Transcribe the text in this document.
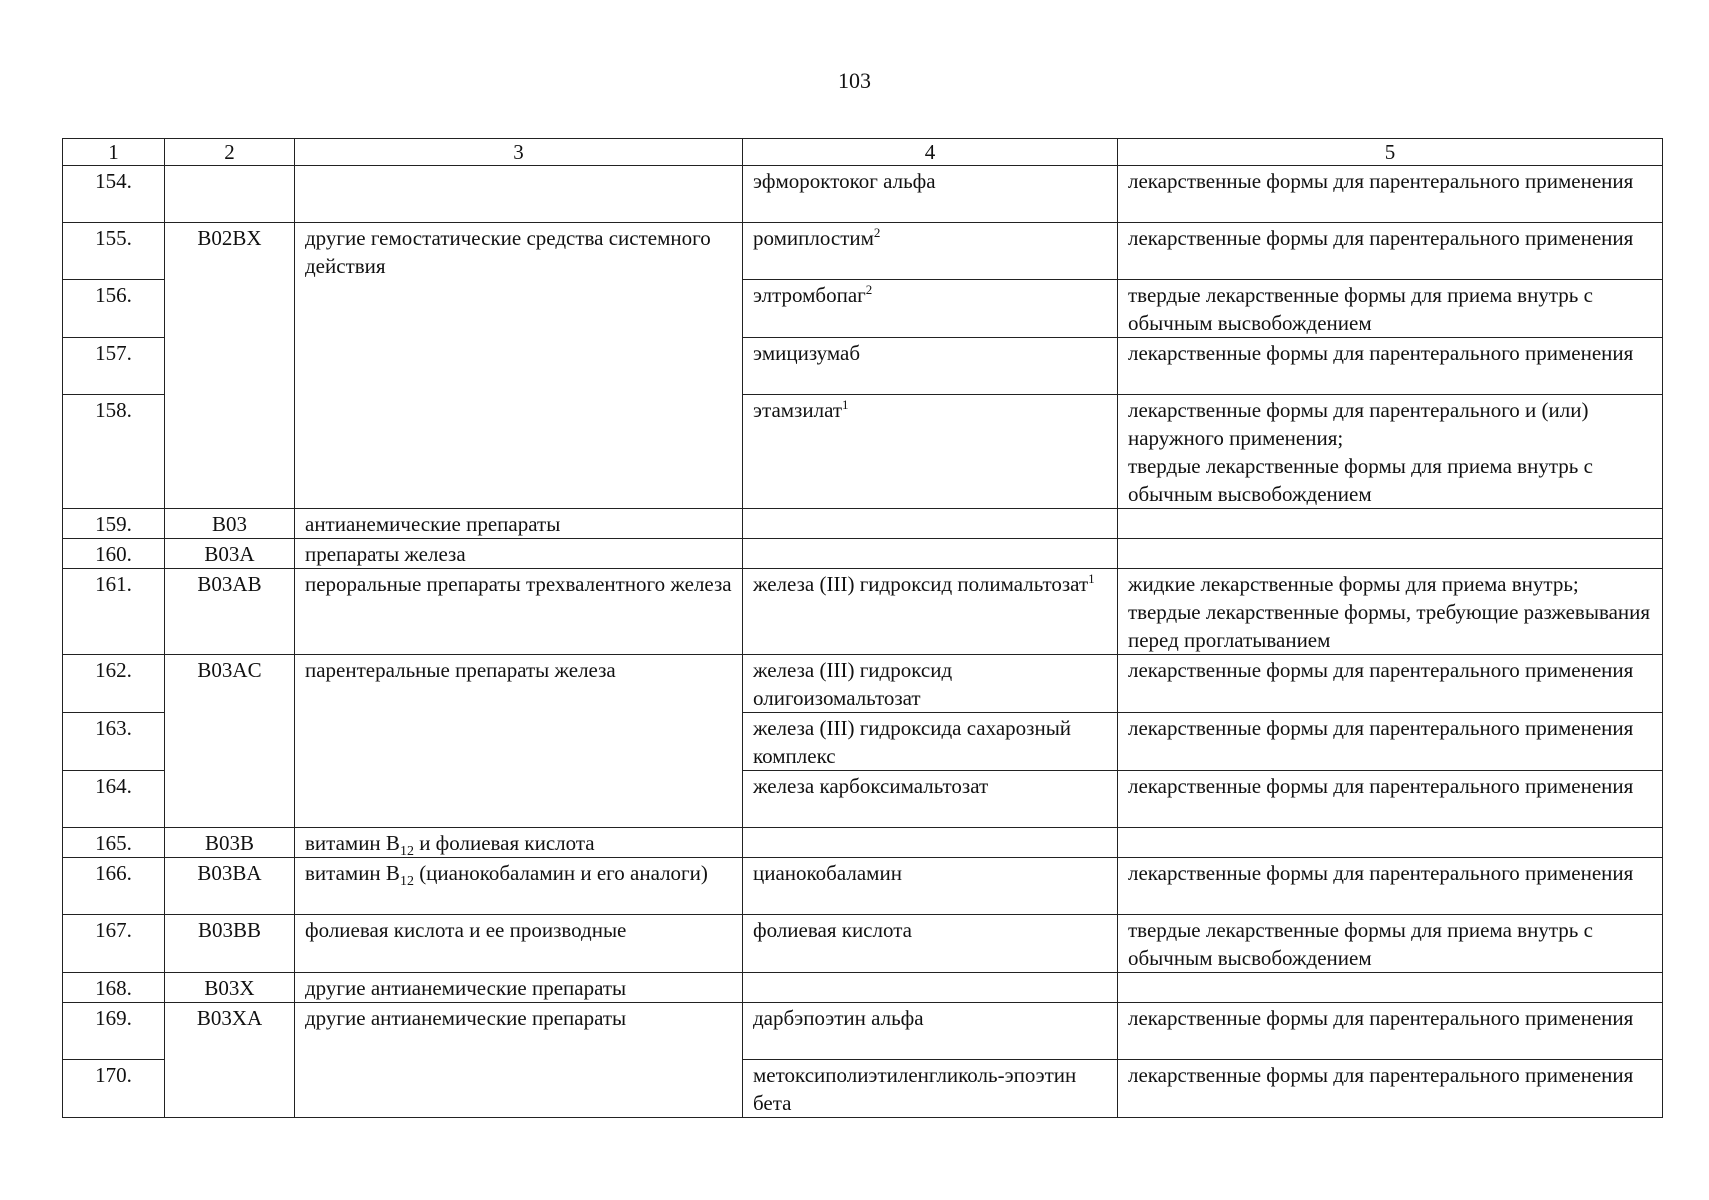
103
1	2	3	4	5
154.			эфмороктоког альфа	лекарственные формы для парентерального применения
155.	B02BX	другие гемостатические средства системного действия	ромиплостим$^2$	лекарственные формы для парентерального применения
156.			элтромбопаг$^2$	твердые лекарственные формы для приема внутрь с обычным высвобождением
157.			эмицизумаб	лекарственные формы для парентерального применения
158.			этамзилат$^1$	лекарственные формы для парентерального и (или) наружного применения;
твердые лекарственные формы для приема внутрь с обычным высвобождением

159.	B03	антианемические препараты		
160.	B03A	препараты железа		
161.	B03AB	пероральные препараты трехвалентного железа	железа (III) гидроксид полимальтозат$^1$	жидкие лекарственные формы для приема внутрь;
твердые лекарственные формы, требующие разжевывания перед проглатыванием

162.	B03AC	парентеральные препараты железа	железа (III) гидроксид олигоизомальтозат	лекарственные формы для парентерального применения
163.			железа (III) гидроксида сахарозный комплекс	лекарственные формы для парентерального применения
164.			железа карбоксимальтозат	лекарственные формы для парентерального применения
165.	B03B	витамин $B_{12}$ и фолиевая кислота		
166.	B03BA	витамин $B_{12}$ (цианокобаламин и его аналоги)	цианокобаламин	лекарственные формы для парентерального применения
167.	B03BB	фолиевая кислота и ее производные	фолиевая кислота	твердые лекарственные формы для приема внутрь с обычным высвобождением
168.	B03X	другие антианемические препараты		
169.	B03XA	другие антианемические препараты	дарбэпоэтин альфа	лекарственные формы для парентерального применения
170.			метоксиполиэтиленгликоль-эпоэтин бета	лекарственные формы для парентерального применения
